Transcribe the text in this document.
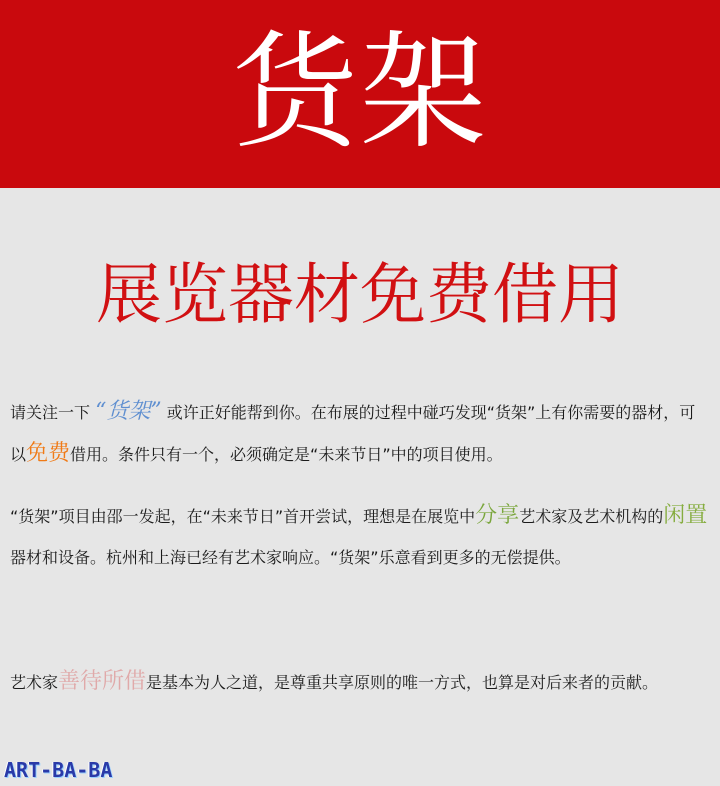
货架
展览器材免费借用
请关注一下 “货架” 或许正好能帮到你。在布展的过程中碰巧发现“货架”上有你需要的器材，可以免费借用。条件只有一个，必须确定是“未来节日”中的项目使用。
“货架”项目由邵一发起，在“未来节日”首开尝试，理想是在展览中分享艺术家及艺术机构的闲置器材和设备。杭州和上海已经有艺术家响应。“货架”乐意看到更多的无偿提供。
艺术家善待所借是基本为人之道，是尊重共享原则的唯一方式，也算是对后来者的贡献。
ART-BA-BA
